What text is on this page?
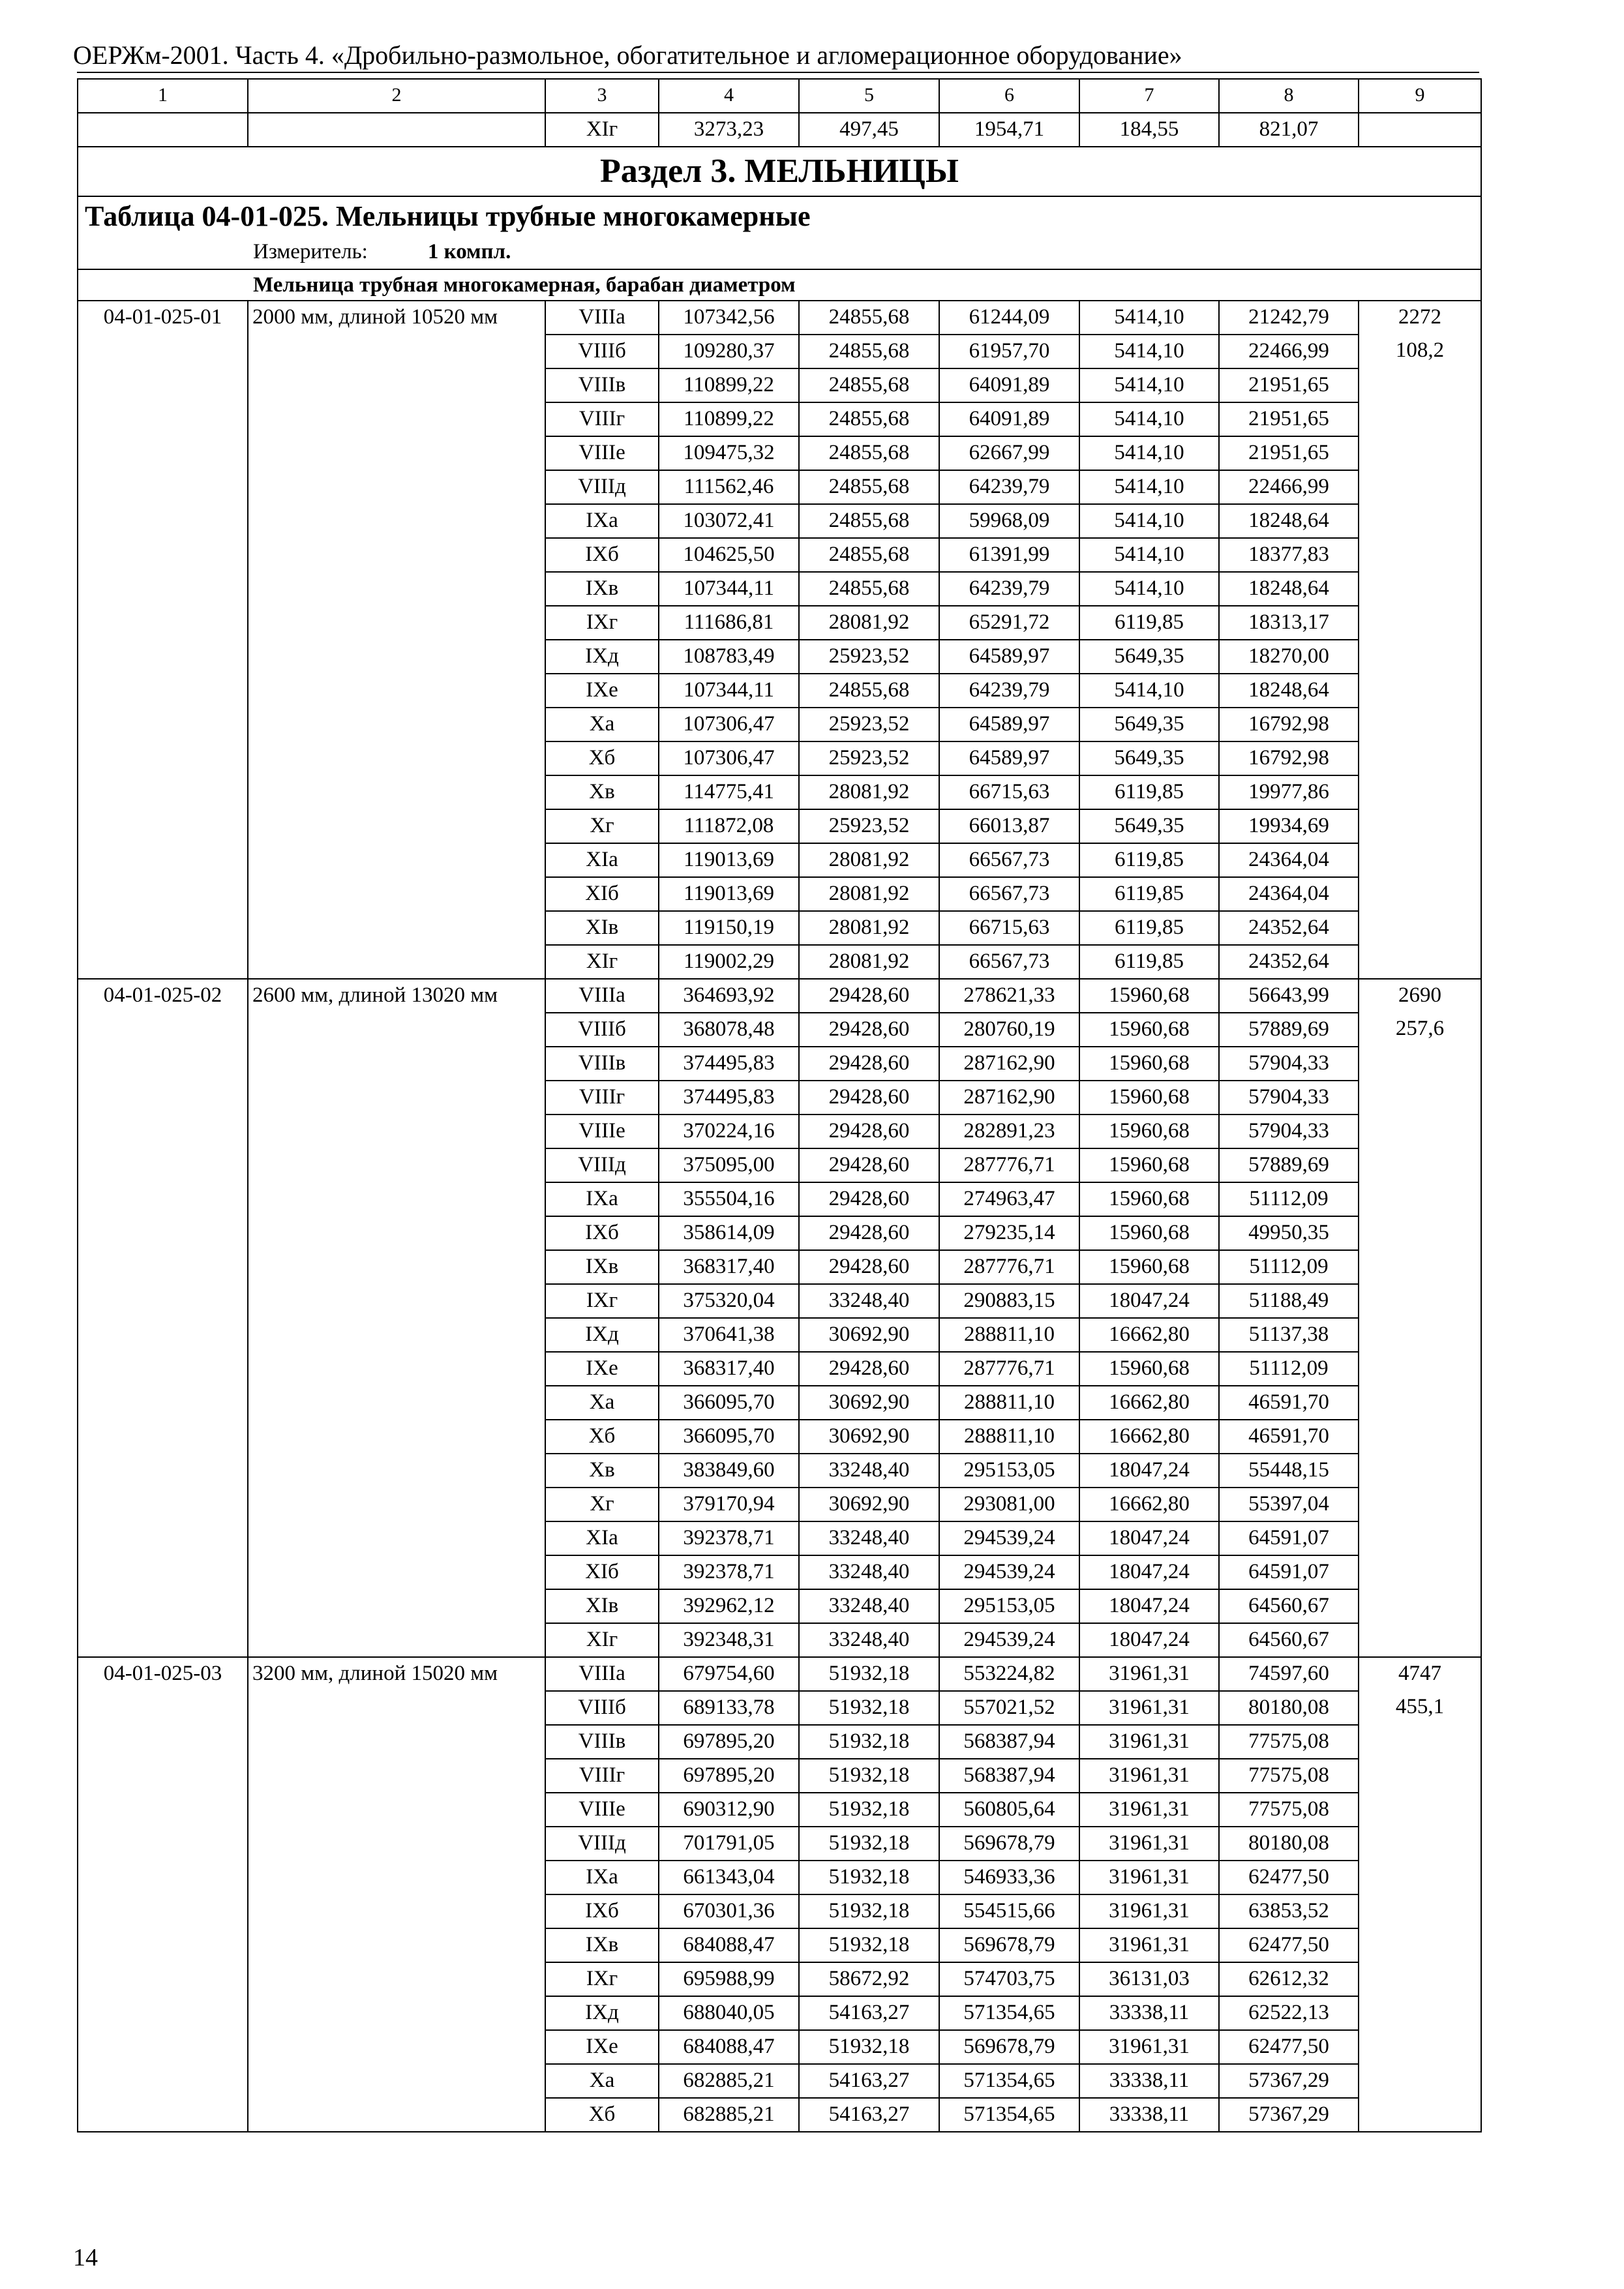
ОЕРЖм-2001. Часть 4. «Дробильно-размольное, обогатительное и агломерационное оборудование»
1	2	3	4	5	6	7	8	9
		XIг	3273,23	497,45	1954,71	184,55	821,07	
Раздел 3. МЕЛЬНИЦЫ								
Таблица 04-01-025. Мельницы трубные многокамерные								
Измеритель: 1 компл.								
Мельница трубная многокамерная, барабан диаметром								
04-01-025-01	2000 мм, длиной 10520 мм	VIIIa	107342,56	24855,68	61244,09	5414,10	21242,79	2272
		VIIIб	109280,37	24855,68	61957,70	5414,10	22466,99	108,2
		VIIIв	110899,22	24855,68	64091,89	5414,10	21951,65	
		VIIIг	110899,22	24855,68	64091,89	5414,10	21951,65	
		VIIIe	109475,32	24855,68	62667,99	5414,10	21951,65	
		VIIIд	111562,46	24855,68	64239,79	5414,10	22466,99	
		IXa	103072,41	24855,68	59968,09	5414,10	18248,64	
		IXб	104625,50	24855,68	61391,99	5414,10	18377,83	
		IXв	107344,11	24855,68	64239,79	5414,10	18248,64	
		IXг	111686,81	28081,92	65291,72	6119,85	18313,17	
		IXд	108783,49	25923,52	64589,97	5649,35	18270,00	
		IXe	107344,11	24855,68	64239,79	5414,10	18248,64	
		Xa	107306,47	25923,52	64589,97	5649,35	16792,98	
		Xб	107306,47	25923,52	64589,97	5649,35	16792,98	
		Xв	114775,41	28081,92	66715,63	6119,85	19977,86	
		Xг	111872,08	25923,52	66013,87	5649,35	19934,69	
		XIa	119013,69	28081,92	66567,73	6119,85	24364,04	
		XIб	119013,69	28081,92	66567,73	6119,85	24364,04	
		XIв	119150,19	28081,92	66715,63	6119,85	24352,64	
		XIг	119002,29	28081,92	66567,73	6119,85	24352,64	
04-01-025-02	2600 мм, длиной 13020 мм	VIIIa	364693,92	29428,60	278621,33	15960,68	56643,99	2690
		VIIIб	368078,48	29428,60	280760,19	15960,68	57889,69	257,6
		VIIIв	374495,83	29428,60	287162,90	15960,68	57904,33	
		VIIIг	374495,83	29428,60	287162,90	15960,68	57904,33	
		VIIIe	370224,16	29428,60	282891,23	15960,68	57904,33	
		VIIIд	375095,00	29428,60	287776,71	15960,68	57889,69	
		IXa	355504,16	29428,60	274963,47	15960,68	51112,09	
		IXб	358614,09	29428,60	279235,14	15960,68	49950,35	
		IXв	368317,40	29428,60	287776,71	15960,68	51112,09	
		IXг	375320,04	33248,40	290883,15	18047,24	51188,49	
		IXд	370641,38	30692,90	288811,10	16662,80	51137,38	
		IXe	368317,40	29428,60	287776,71	15960,68	51112,09	
		Xa	366095,70	30692,90	288811,10	16662,80	46591,70	
		Xб	366095,70	30692,90	288811,10	16662,80	46591,70	
		Xв	383849,60	33248,40	295153,05	18047,24	55448,15	
		Xг	379170,94	30692,90	293081,00	16662,80	55397,04	
		XIa	392378,71	33248,40	294539,24	18047,24	64591,07	
		XIб	392378,71	33248,40	294539,24	18047,24	64591,07	
		XIв	392962,12	33248,40	295153,05	18047,24	64560,67	
		XIг	392348,31	33248,40	294539,24	18047,24	64560,67	
04-01-025-03	3200 мм, длиной 15020 мм	VIIIa	679754,60	51932,18	553224,82	31961,31	74597,60	4747
		VIIIб	689133,78	51932,18	557021,52	31961,31	80180,08	455,1
		VIIIв	697895,20	51932,18	568387,94	31961,31	77575,08	
		VIIIг	697895,20	51932,18	568387,94	31961,31	77575,08	
		VIIIe	690312,90	51932,18	560805,64	31961,31	77575,08	
		VIIIд	701791,05	51932,18	569678,79	31961,31	80180,08	
		IXa	661343,04	51932,18	546933,36	31961,31	62477,50	
		IXб	670301,36	51932,18	554515,66	31961,31	63853,52	
		IXв	684088,47	51932,18	569678,79	31961,31	62477,50	
		IXг	695988,99	58672,92	574703,75	36131,03	62612,32	
		IXд	688040,05	54163,27	571354,65	33338,11	62522,13	
		IXe	684088,47	51932,18	569678,79	31961,31	62477,50	
		Xa	682885,21	54163,27	571354,65	33338,11	57367,29	
		Xб	682885,21	54163,27	571354,65	33338,11	57367,29	
14
